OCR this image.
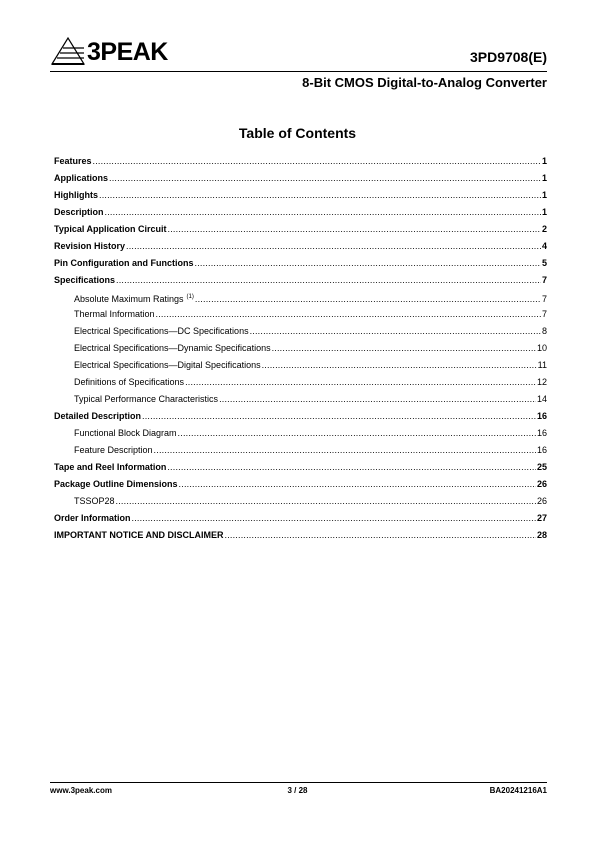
3PEAK	3PD9708(E)
8-Bit CMOS Digital-to-Analog Converter
Table of Contents
Features .....	1
Applications .....	1
Highlights .....	1
Description .....	1
Typical Application Circuit .....	2
Revision History .....	4
Pin Configuration and Functions .....	5
Specifications .....	7
Absolute Maximum Ratings $^{(1)}$ .....	7
Thermal Information .....	7
Electrical Specifications—DC Specifications .....	8
Electrical Specifications—Dynamic Specifications .....	10
Electrical Specifications—Digital Specifications .....	11
Definitions of Specifications .....	12
Typical Performance Characteristics .....	14
Detailed Description .....	16
Functional Block Diagram .....	16
Feature Description .....	16
Tape and Reel Information .....	25
Package Outline Dimensions .....	26
TSSOP28 .....	26
Order Information .....	27
IMPORTANT NOTICE AND DISCLAIMER .....	28
www.3peak.com	3 / 28	BA20241216A1
